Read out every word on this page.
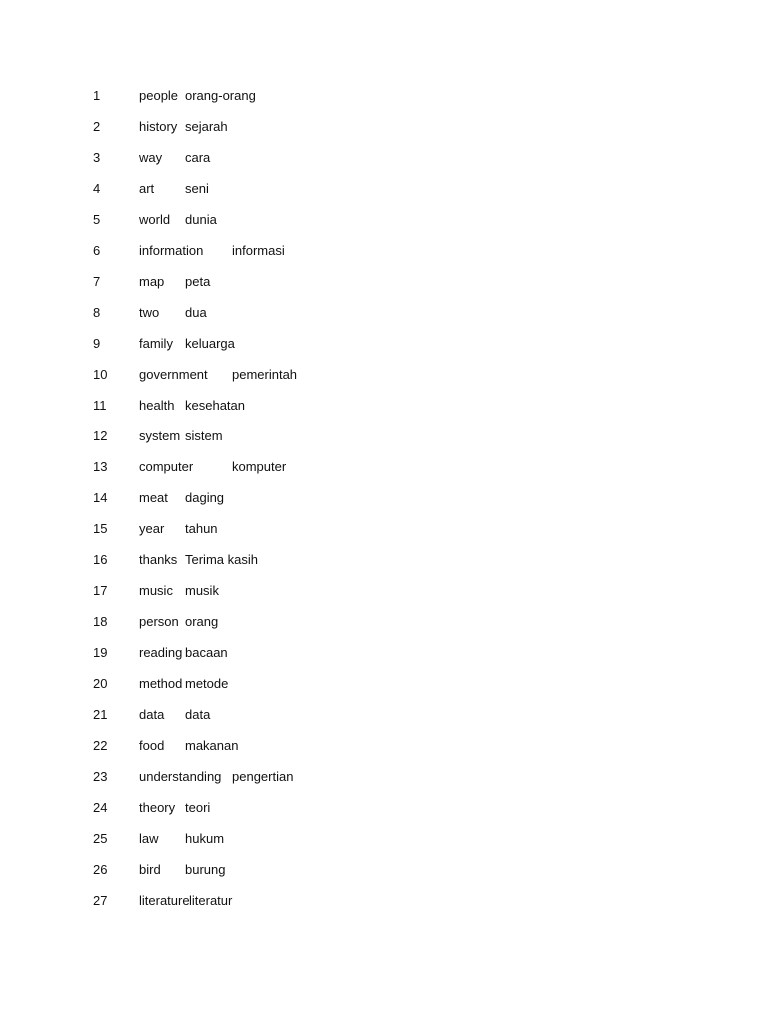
1	people orang-orang
2	history sejarah
3	way cara
4	art seni
5	world dunia
6	information informasi
7	map peta
8	two dua
9	family keluarga
10 government pemerintah
11	health kesehatan
12 system sistem
13 computer	komputer
14 meat daging
15 year tahun
16 thanks Terima kasih
17 music musik
18 person orang
19 reading bacaan
20 method metode
21 data data
22 food makanan
23 understanding pengertian
24 theory teori
25 law hukum
26 bird burung
27 literature literatur
